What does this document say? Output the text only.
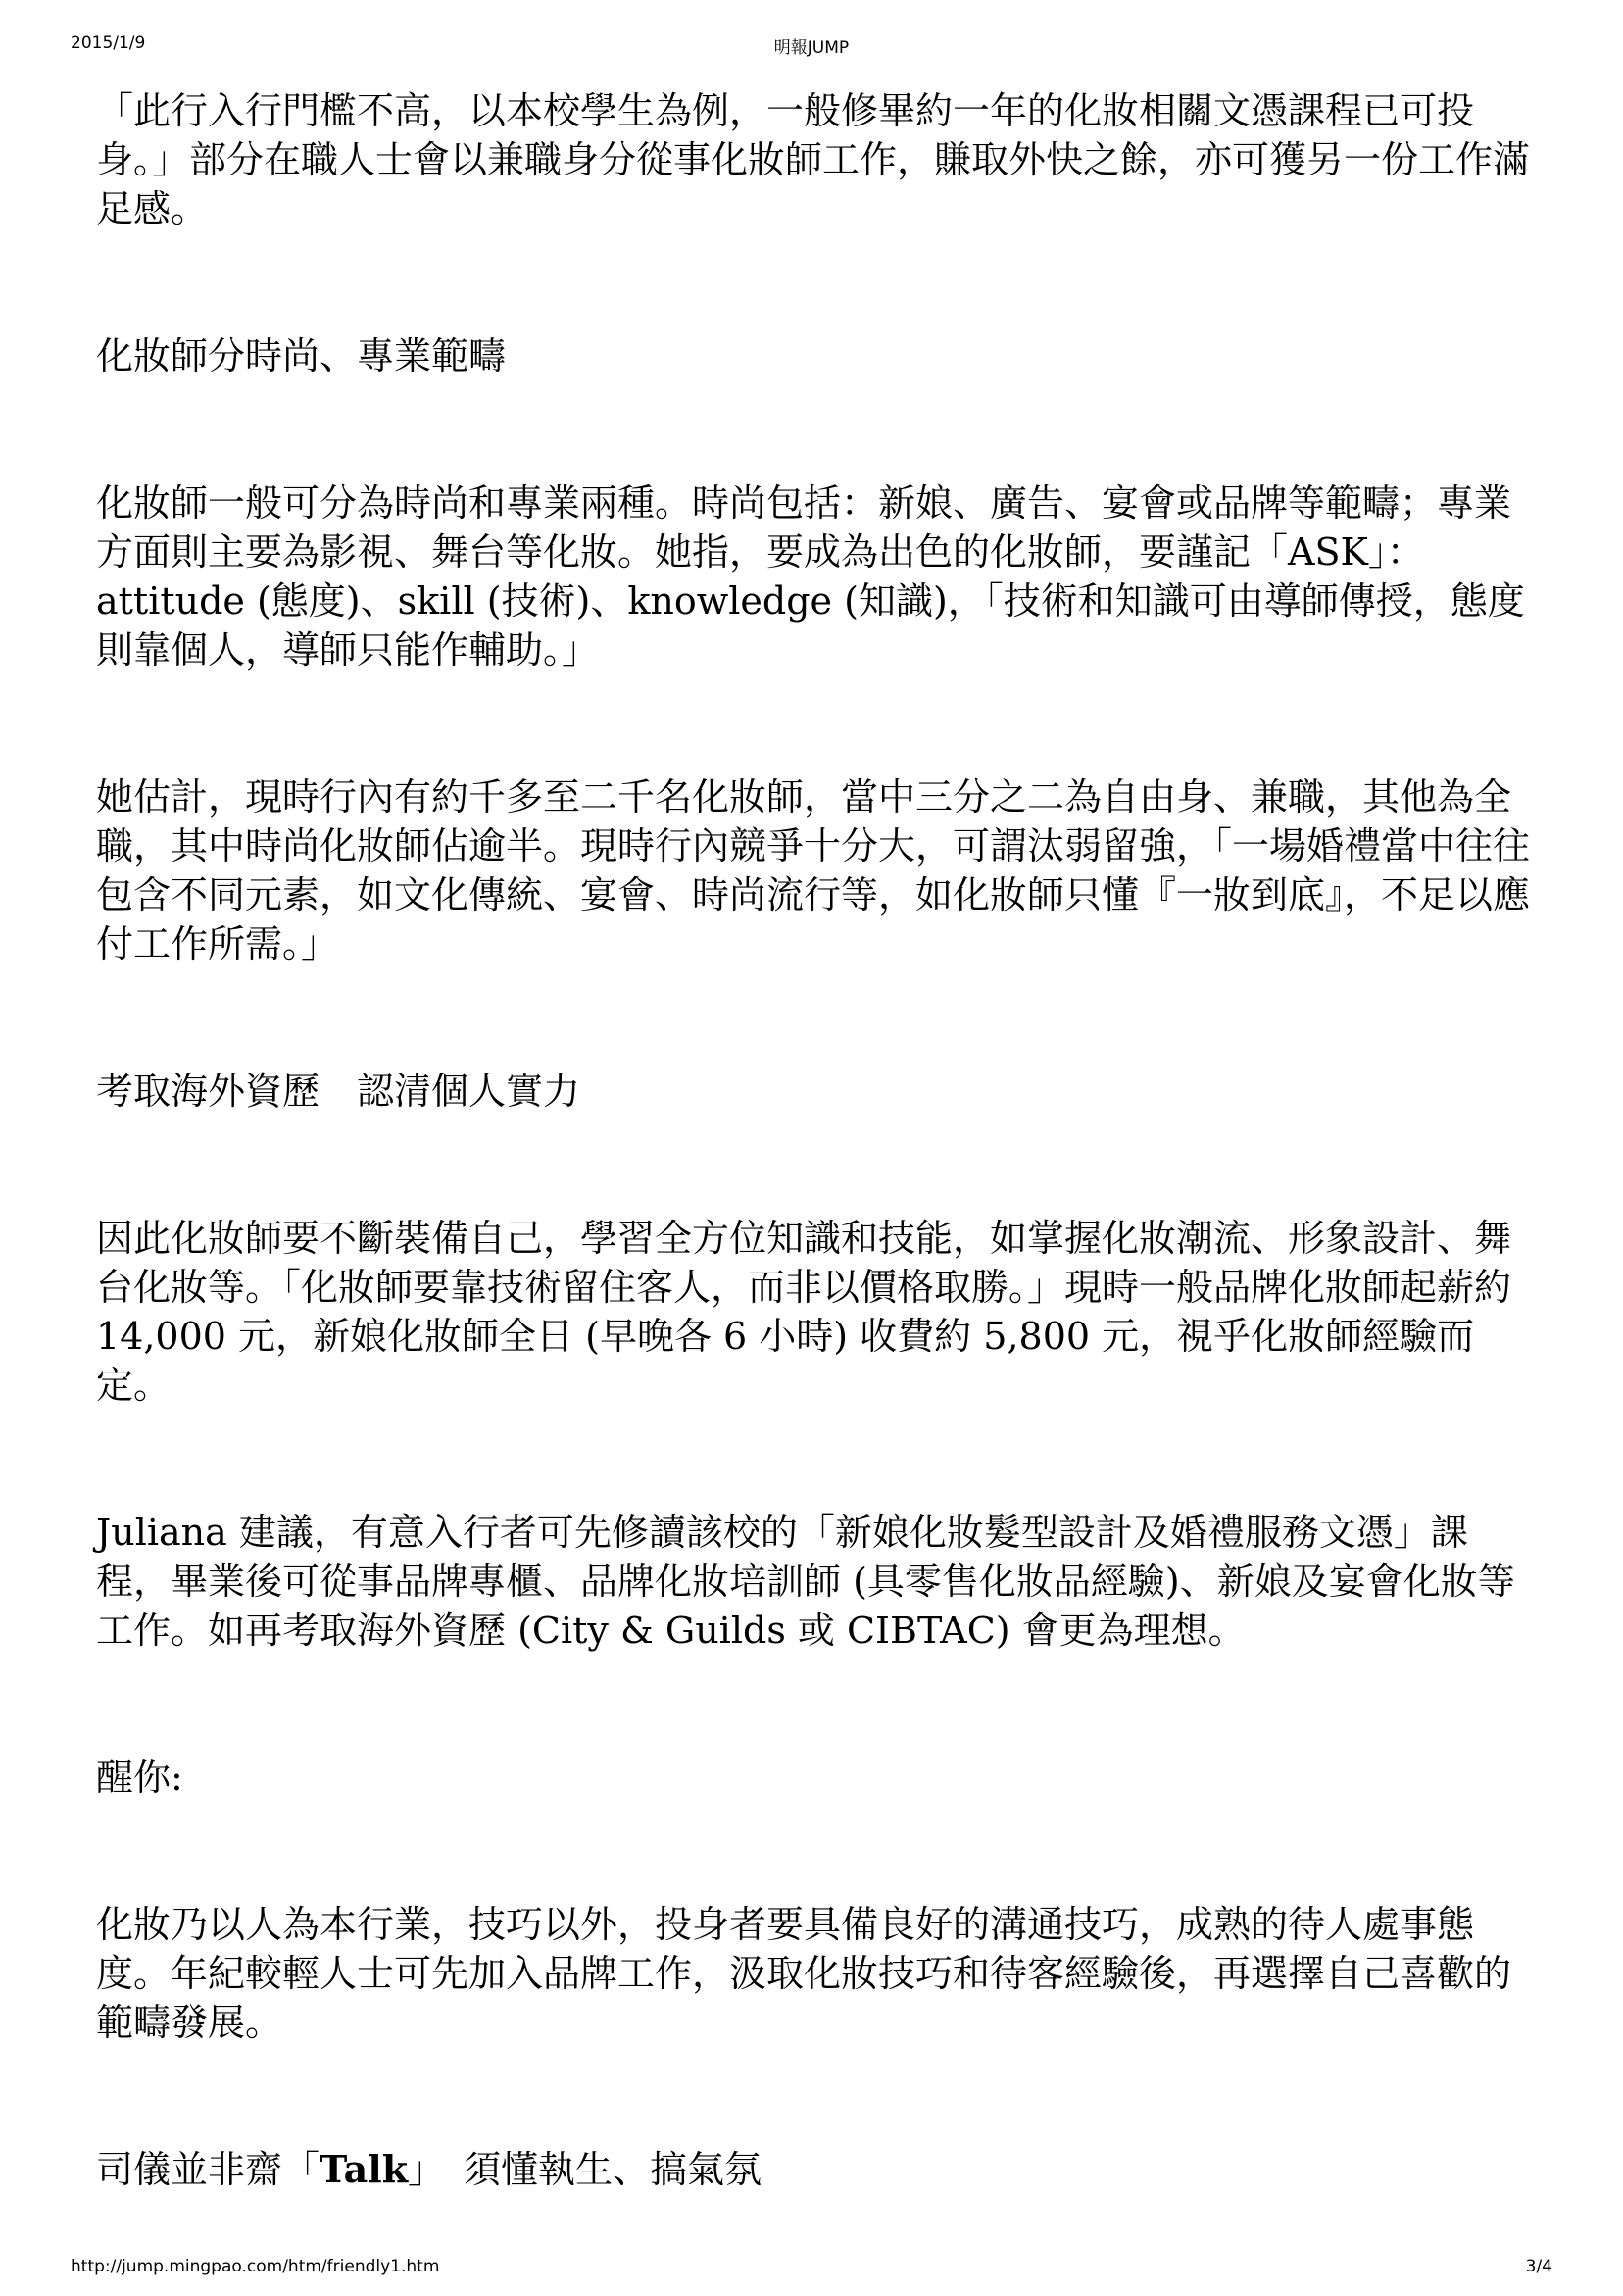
2015/1/9	明報JUMP

「此行入行門檻不高，以本校學生為例，一般修畢約一年的化妝相關文憑課程已可投身。」部分在職人士會以兼職身分從事化妝師工作，賺取外快之餘，亦可獲另一份工作滿足感。

化妝師分時尚、專業範疇

化妝師一般可分為時尚和專業兩種。時尚包括：新娘、廣告、宴會或品牌等範疇；專業方面則主要為影視、舞台等化妝。她指，要成為出色的化妝師，要謹記「ASK」：attitude (態度)、skill (技術)、knowledge (知識)，「技術和知識可由導師傳授，態度則靠個人，導師只能作輔助。」

她估計，現時行內有約千多至二千名化妝師，當中三分之二為自由身、兼職，其他為全職，其中時尚化妝師佔逾半。現時行內競爭十分大，可謂汰弱留強，「一場婚禮當中往往包含不同元素，如文化傳統、宴會、時尚流行等，如化妝師只懂『一妝到底』，不足以應付工作所需。」

考取海外資歷　認清個人實力

因此化妝師要不斷裝備自己，學習全方位知識和技能，如掌握化妝潮流、形象設計、舞台化妝等。「化妝師要靠技術留住客人，而非以價格取勝。」現時一般品牌化妝師起薪約 14,000 元，新娘化妝師全日 (早晚各 6 小時) 收費約 5,800 元，視乎化妝師經驗而定。

Juliana 建議，有意入行者可先修讀該校的「新娘化妝髮型設計及婚禮服務文憑」課程，畢業後可從事品牌專櫃、品牌化妝培訓師 (具零售化妝品經驗)、新娘及宴會化妝等工作。如再考取海外資歷 (City & Guilds 或 CIBTAC) 會更為理想。

醒你:

化妝乃以人為本行業，技巧以外，投身者要具備良好的溝通技巧，成熟的待人處事態度。年紀較輕人士可先加入品牌工作，汲取化妝技巧和待客經驗後，再選擇自己喜歡的範疇發展。

司儀並非齋「Talk」　須懂執生、搞氣氛

http://jump.mingpao.com/htm/friendly1.htm	3/4
